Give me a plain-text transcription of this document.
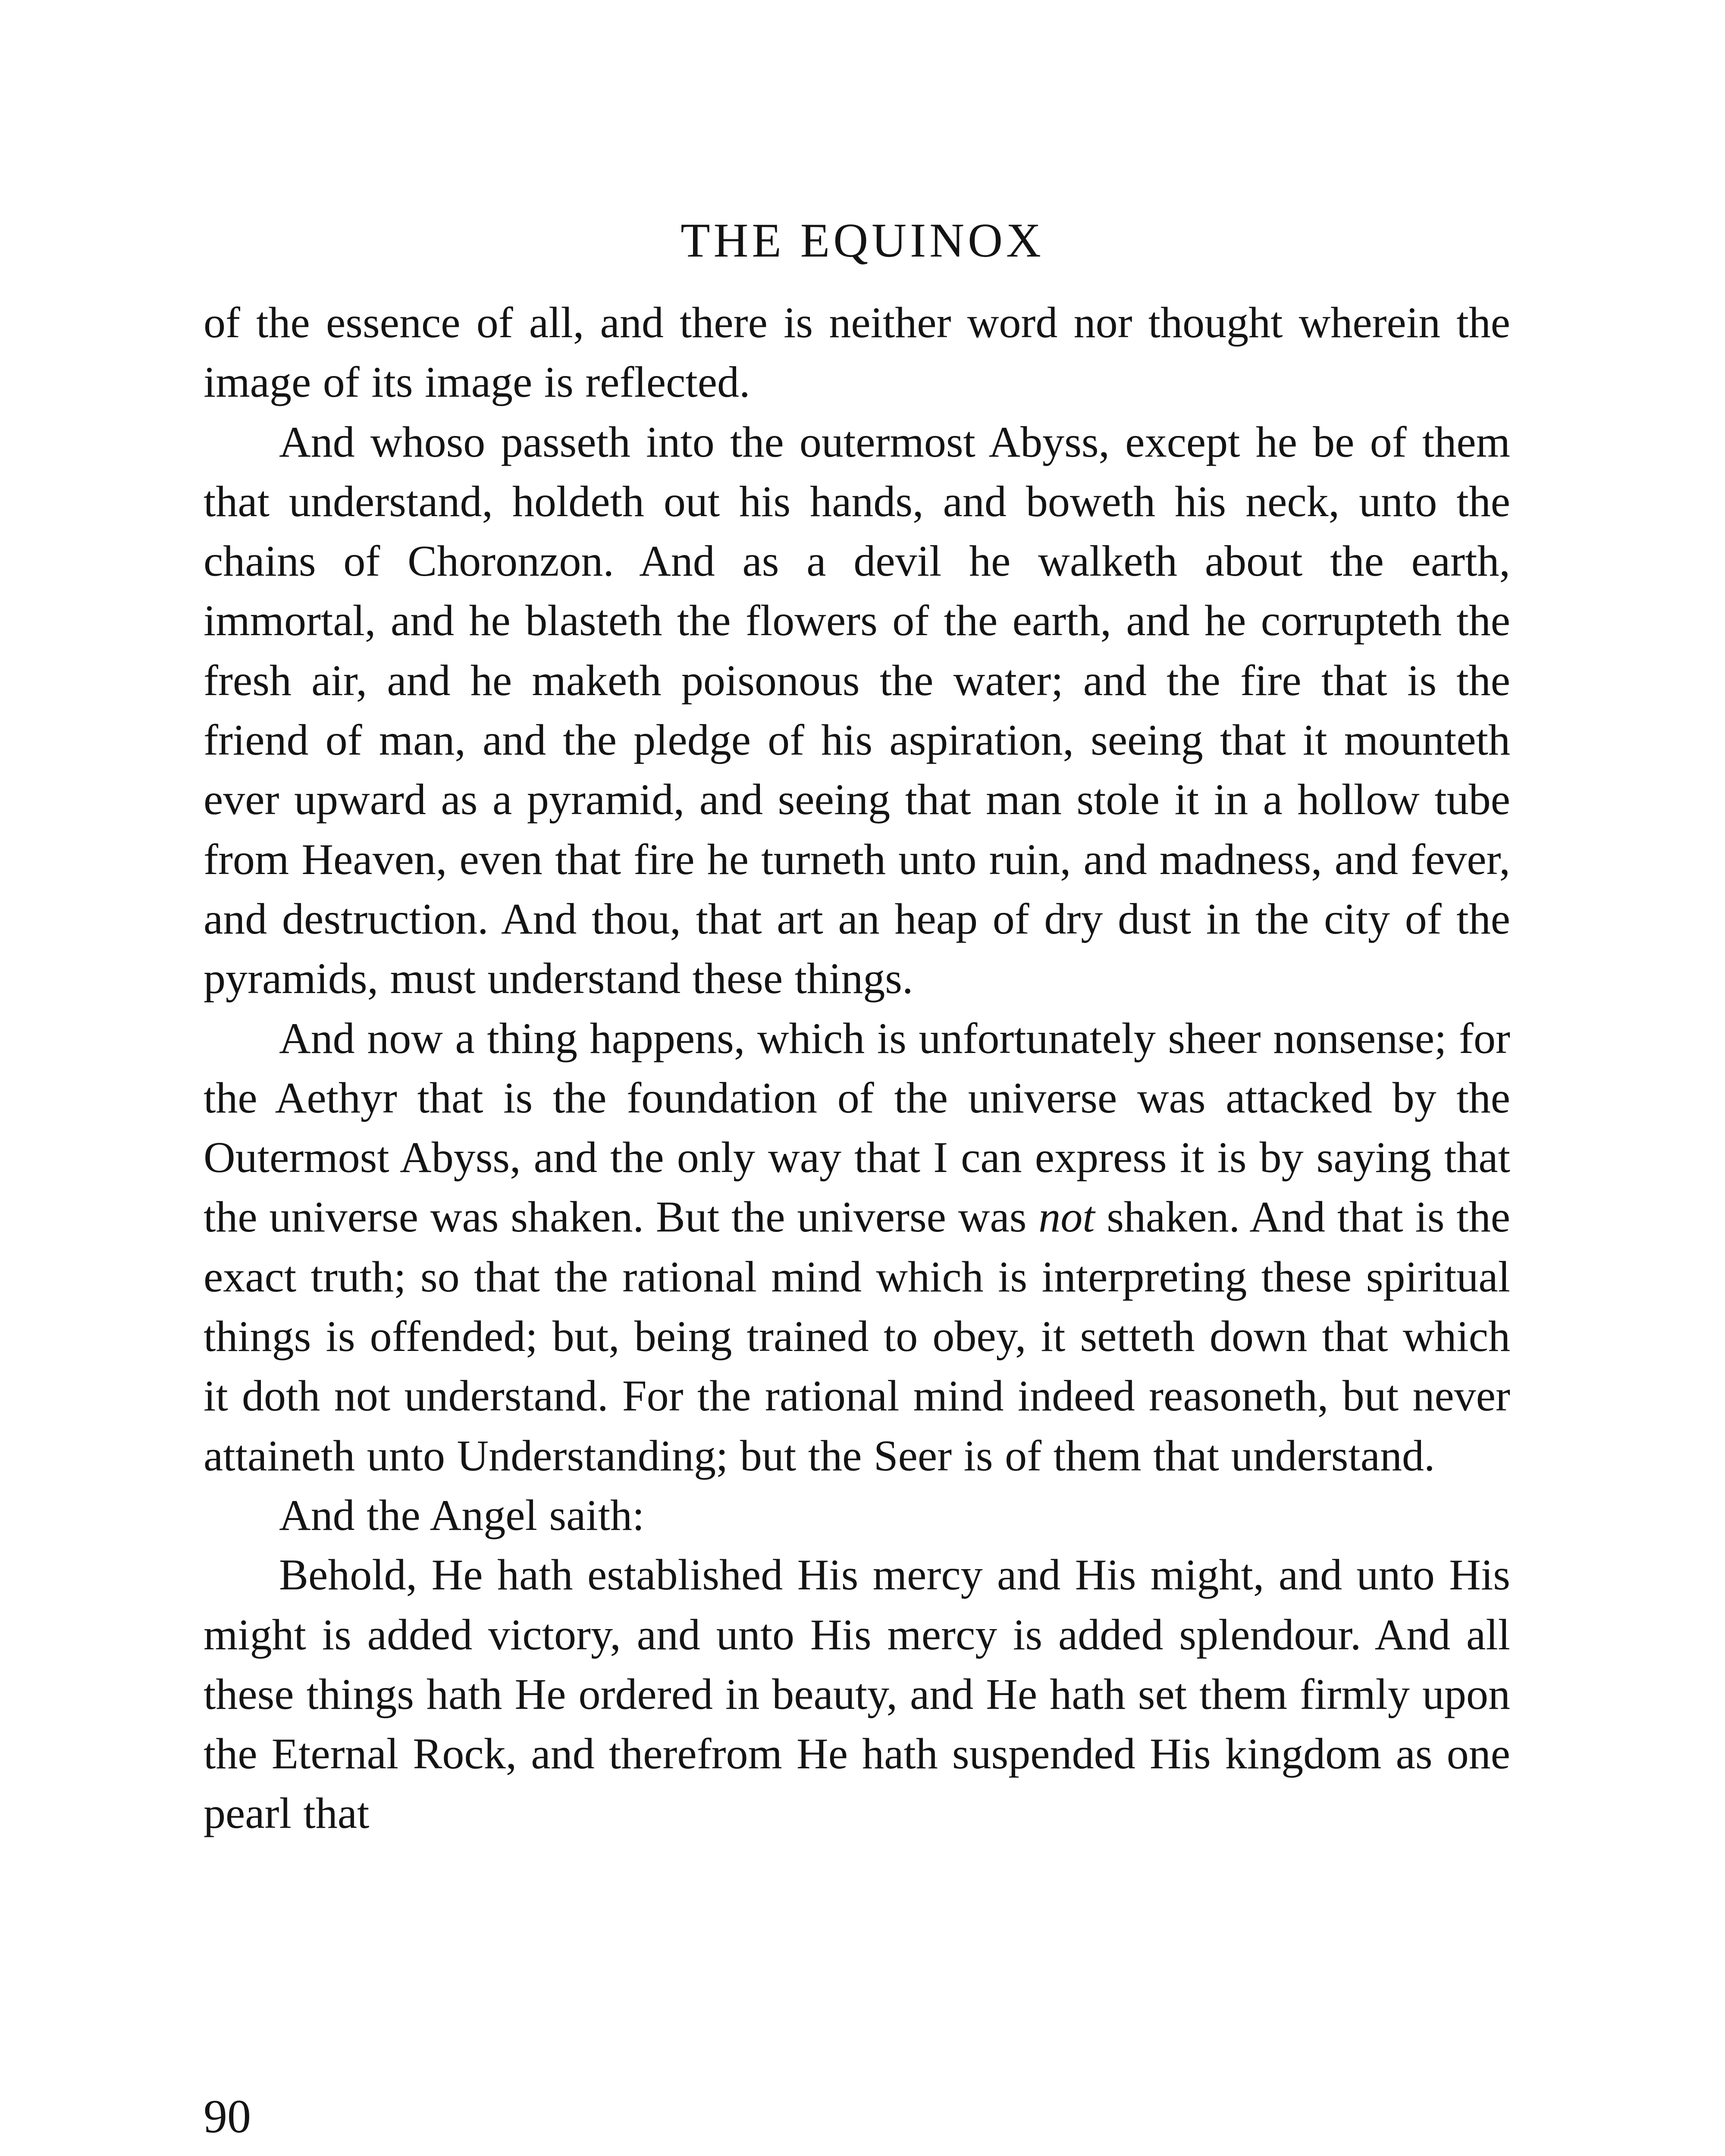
THE EQUINOX

of the essence of all, and there is neither word nor thought wherein the image of its image is reflected.

And whoso passeth into the outermost Abyss, except he be of them that understand, holdeth out his hands, and boweth his neck, unto the chains of Choronzon. And as a devil he walketh about the earth, immortal, and he blasteth the flowers of the earth, and he corrupteth the fresh air, and he maketh poisonous the water; and the fire that is the friend of man, and the pledge of his aspiration, seeing that it mounteth ever upward as a pyramid, and seeing that man stole it in a hollow tube from Heaven, even that fire he turneth unto ruin, and madness, and fever, and destruction. And thou, that art an heap of dry dust in the city of the pyramids, must understand these things.

And now a thing happens, which is unfortunately sheer nonsense; for the Aethyr that is the foundation of the universe was attacked by the Outermost Abyss, and the only way that I can express it is by saying that the universe was shaken. But the universe was not shaken. And that is the exact truth; so that the rational mind which is interpreting these spiritual things is offended; but, being trained to obey, it setteth down that which it doth not understand. For the rational mind indeed reasoneth, but never attaineth unto Understanding; but the Seer is of them that understand.

And the Angel saith:

Behold, He hath established His mercy and His might, and unto His might is added victory, and unto His mercy is added splendour. And all these things hath He ordered in beauty, and He hath set them firmly upon the Eternal Rock, and therefrom He hath suspended His kingdom as one pearl that

90
